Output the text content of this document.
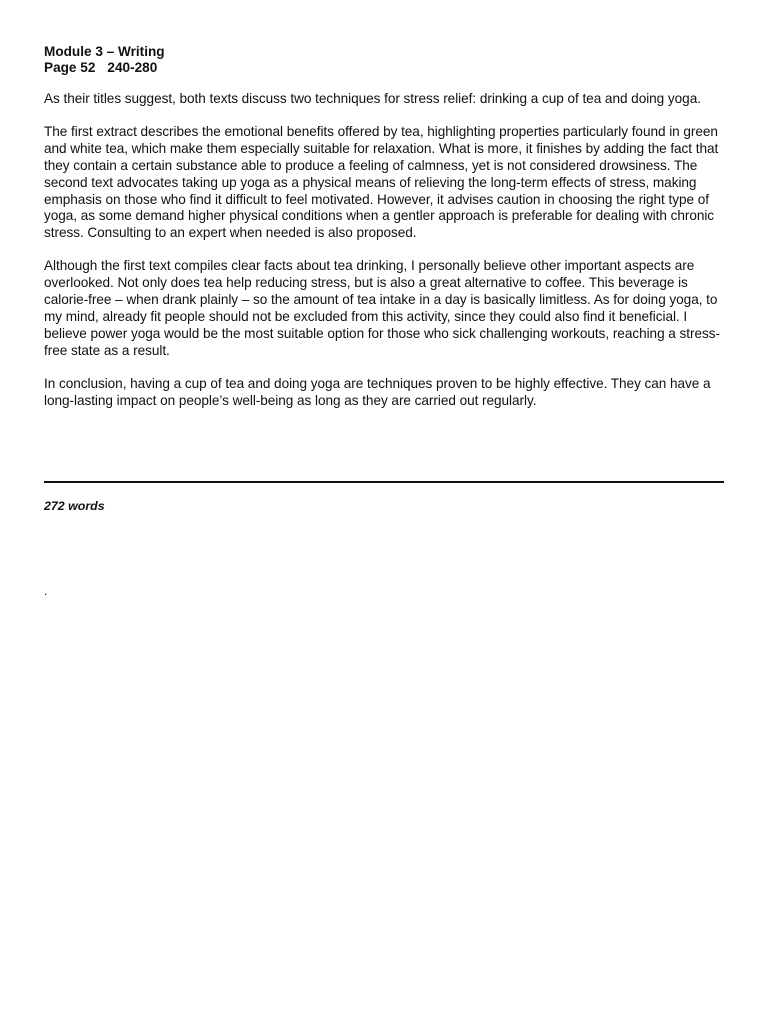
Module 3 – Writing

Page 52 240-280

As their titles suggest, both texts discuss two techniques for stress relief: drinking a cup of tea and doing yoga.

The first extract describes the emotional benefits offered by tea, highlighting properties particularly found in green and white tea, which make them especially suitable for relaxation. What is more, it finishes by adding the fact that they contain a certain substance able to produce a feeling of calmness, yet is not considered drowsiness. The second text advocates taking up yoga as a physical means of relieving the long-term effects of stress, making emphasis on those who find it difficult to feel motivated. However, it advises caution in choosing the right type of yoga, as some demand higher physical conditions when a gentler approach is preferable for dealing with chronic stress. Consulting to an expert when needed is also proposed.

Although the first text compiles clear facts about tea drinking, I personally believe other important aspects are overlooked. Not only does tea help reducing stress, but is also a great alternative to coffee. This beverage is calorie-free – when drank plainly – so the amount of tea intake in a day is basically limitless. As for doing yoga, to my mind, already fit people should not be excluded from this activity, since they could also find it beneficial. I believe power yoga would be the most suitable option for those who sick challenging workouts, reaching a stress-free state as a result.

In conclusion, having a cup of tea and doing yoga are techniques proven to be highly effective. They can have a long-lasting impact on people’s well-being as long as they are carried out regularly.

272 words

.
